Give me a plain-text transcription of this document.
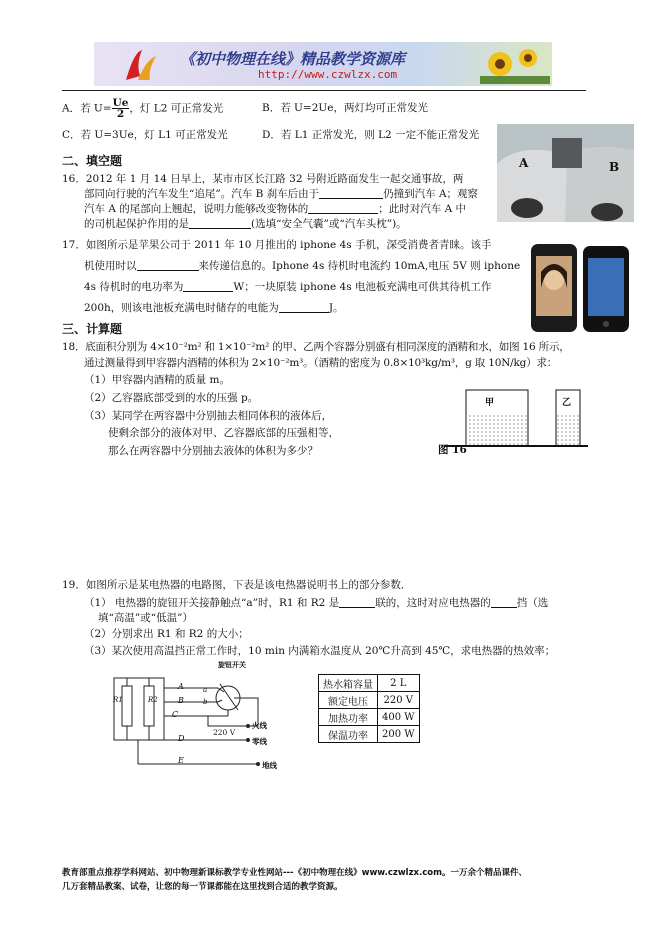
《初中物理在线》精品教学资源库
http://www.czwlzx.com
A．若 $U= \frac{Ue}{2}$ ，灯 L2 可正常发光	B．若 U=2Ue，两灯均可正常发光
C．若 U=3Ue，灯 L1 可正常发光	D．若 L1 正常发光，则 L2 一定不能正常发光
A	B
二、填空题
16．2012 年 1 月 14 日早上，某市市区长江路 32 号附近路面发生一起交通事故，两
部同向行驶的汽车发生“追尾”。汽车 B 刹车后由于	仍撞到汽车 A；观察
汽车 A 的尾部向上翘起，说明力能够改变物体的	；此时对汽车 A 中
的司机起保护作用的是	(选填“安全气囊”或“汽车头枕”)。
17．如图所示是苹果公司于 2011 年 10 月推出的 iphone 4s 手机，深受消费者青睐。该手
机使用时以	来传递信息的。Iphone 4s 待机时电流约 10mA,电压 5V 则 iphone
4s 待机时的电功率为	W；一块原装 iphone 4s 电池板充满电可供其待机工作
200h，则该电池板充满电时储存的电能为	J。
三、计算题
18．底面积分别为 4×10⁻²m² 和 1×10⁻²m² 的甲、乙两个容器分别盛有相同深度的酒精和水，如图 16 所示，
通过测量得到甲容器内酒精的体积为 2×10⁻²m³。（酒精的密度为 0.8×10³kg/m³，g 取 10N/kg）求：
（1）甲容器内酒精的质量 m。
（2）乙容器底部受到的水的压强 p。
（3）某同学在两容器中分别抽去相同体积的液体后，
使剩余部分的液体对甲、乙容器底部的压强相等，
那么在两容器中分别抽去液体的体积为多少？
甲	乙
图 16
19．如图所示是某电热器的电路图，下表是该电热器说明书上的部分参数．
（1） 电热器的旋钮开关接静触点“a”时，R1 和 R2 是	联的，这时对应电热器的 挡（选
填“高温”或“低温”）
（2）分别求出 R1 和 R2 的大小；
（3）某次使用高温挡正常工作时，10 min 内满箱水温度从 20℃升高到 45℃，求电热器的热效率；
旋钮开关
A
B
C
D
E
a
b
R1	R2
220 V
火线
零线
地线
热水箱容量	2 L
额定电压	220 V
加热功率	400 W
保温功率	200 W
教育部重点推荐学科网站、初中物理新课标教学专业性网站---《初中物理在线》www.czwlzx.com。一万余个精品课件、
几万套精品教案、试卷，让您的每一节课都能在这里找到合适的教学资源。
